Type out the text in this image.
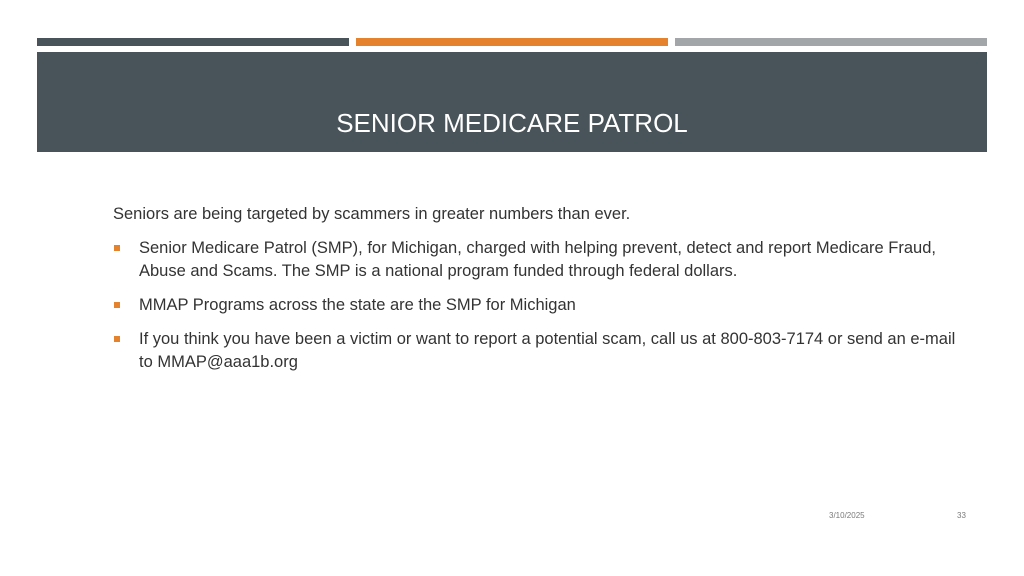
SENIOR MEDICARE PATROL

Seniors are being targeted by scammers in greater numbers than ever.

Senior Medicare Patrol (SMP), for Michigan, charged with helping prevent, detect and report Medicare Fraud, Abuse and Scams. The SMP is a national program funded through federal dollars.
MMAP Programs across the state are the SMP for Michigan
If you think you have been a victim or want to report a potential scam, call us at 800-803-7174 or send an e-mail to MMAP@aaa1b.org
3/10/2025	33
